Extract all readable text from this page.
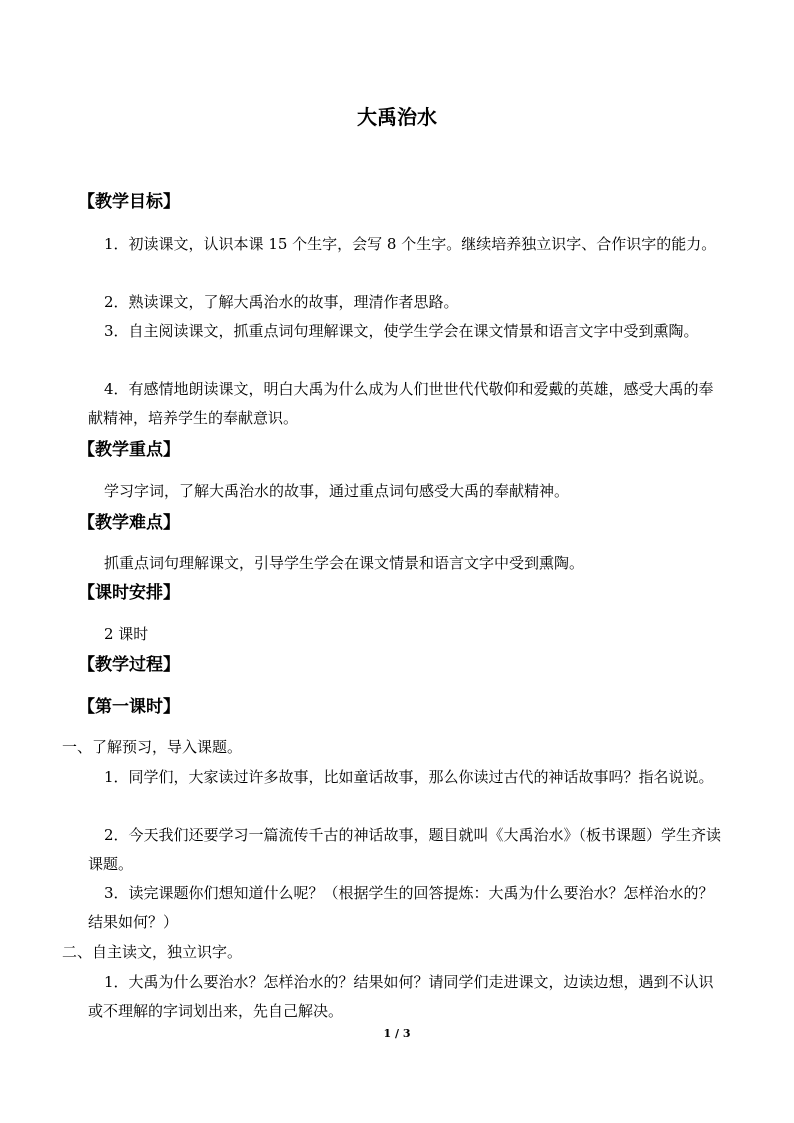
大禹治水
【教学目标】

1．初读课文，认识本课 15 个生字，会写 8 个生字。继续培养独立识字、合作识字的能力。

2．熟读课文，了解大禹治水的故事，理清作者思路。

3．自主阅读课文，抓重点词句理解课文，使学生学会在课文情景和语言文字中受到熏陶。

4．有感情地朗读课文，明白大禹为什么成为人们世世代代敬仰和爱戴的英雄，感受大禹的奉献精神，培养学生的奉献意识。

【教学重点】

学习字词，了解大禹治水的故事，通过重点词句感受大禹的奉献精神。

【教学难点】

抓重点词句理解课文，引导学生学会在课文情景和语言文字中受到熏陶。

【课时安排】

2 课时

【教学过程】
【第一课时】
一、了解预习，导入课题。

1．同学们，大家读过许多故事，比如童话故事，那么你读过古代的神话故事吗？指名说说。

2．今天我们还要学习一篇流传千古的神话故事，题目就叫《大禹治水》（板书课题）学生齐读课题。

3．读完课题你们想知道什么呢？（根据学生的回答提炼：大禹为什么要治水？怎样治水的？结果如何？）

二、自主读文，独立识字。

1．大禹为什么要治水？怎样治水的？结果如何？请同学们走进课文，边读边想，遇到不认识或不理解的字词划出来，先自己解决。

1 / 3
